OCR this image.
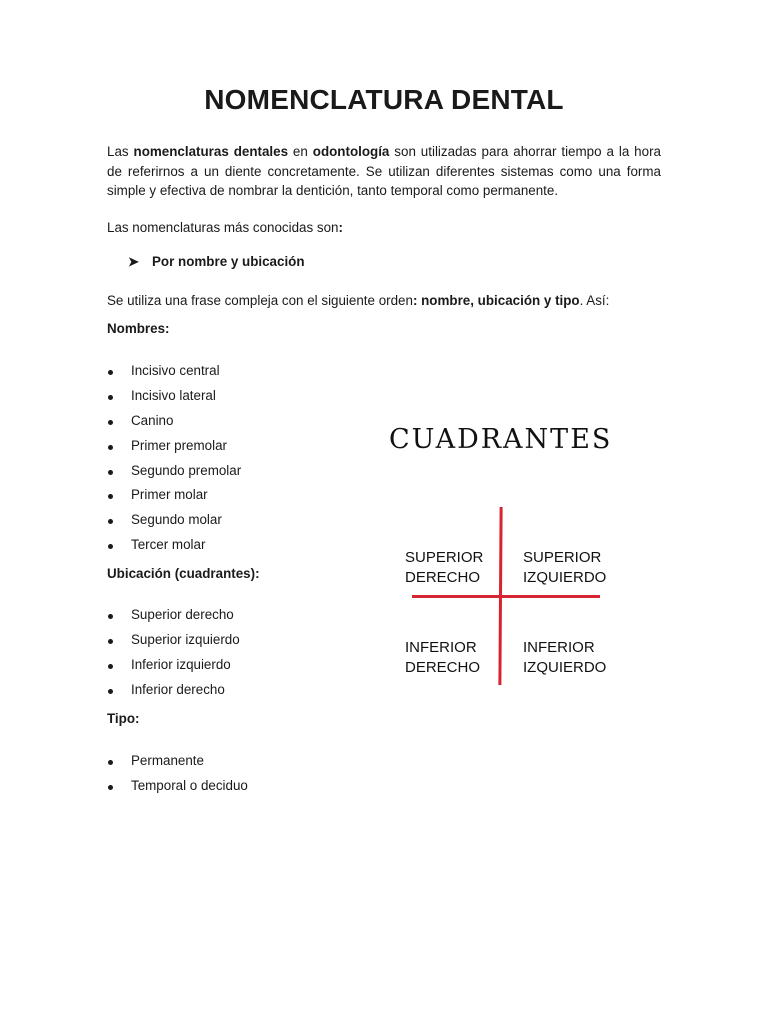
NOMENCLATURA DENTAL

Las nomenclaturas dentales en odontología son utilizadas para ahorrar tiempo a la hora de referirnos a un diente concretamente. Se utilizan diferentes sistemas como una forma simple y efectiva de nombrar la dentición, tanto temporal como permanente.

Las nomenclaturas más conocidas son:

➤ Por nombre y ubicación

Se utiliza una frase compleja con el siguiente orden: nombre, ubicación y tipo. Así:

Nombres:

Incisivo central
Incisivo lateral
Canino
Primer premolar
Segundo premolar
Primer molar
Segundo molar
Tercer molar

Ubicación (cuadrantes):

Superior derecho
Superior izquierdo
Inferior izquierdo
Inferior derecho

Tipo:

Permanente
Temporal o deciduo

CUADRANTES

SUPERIOR
DERECHO
SUPERIOR
IZQUIERDO
INFERIOR
DERECHO
INFERIOR
IZQUIERDO
